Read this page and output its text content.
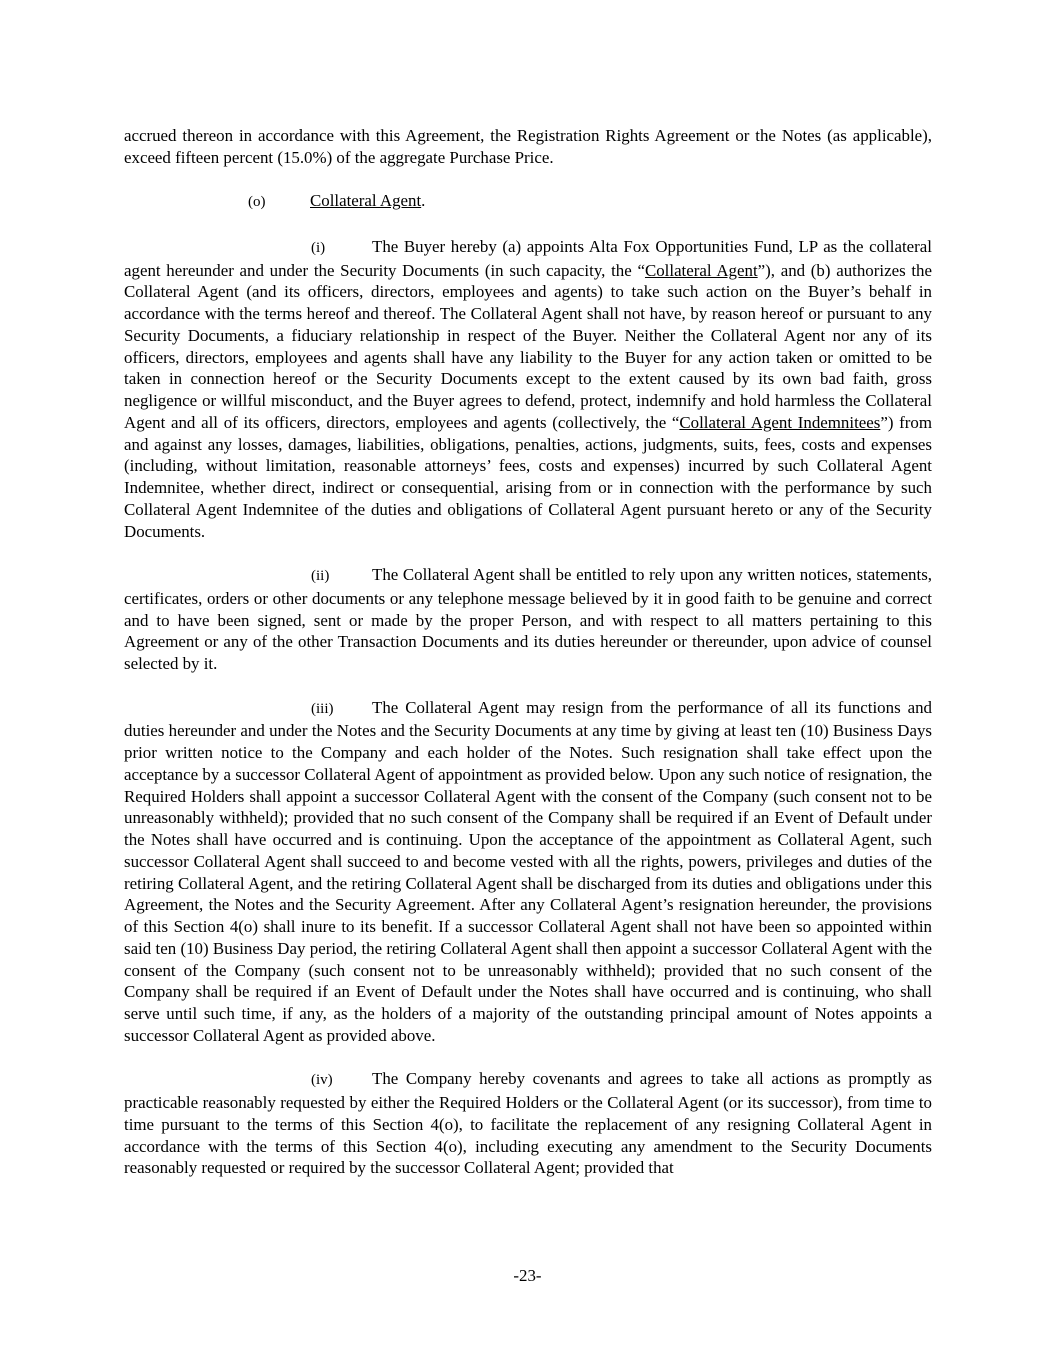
accrued thereon in accordance with this Agreement, the Registration Rights Agreement or the Notes (as applicable), exceed fifteen percent (15.0%) of the aggregate Purchase Price.

(o)	Collateral Agent.

(i)	The Buyer hereby (a) appoints Alta Fox Opportunities Fund, LP as the collateral agent hereunder and under the Security Documents (in such capacity, the “Collateral Agent”), and (b) authorizes the Collateral Agent (and its officers, directors, employees and agents) to take such action on the Buyer’s behalf in accordance with the terms hereof and thereof. The Collateral Agent shall not have, by reason hereof or pursuant to any Security Documents, a fiduciary relationship in respect of the Buyer. Neither the Collateral Agent nor any of its officers, directors, employees and agents shall have any liability to the Buyer for any action taken or omitted to be taken in connection hereof or the Security Documents except to the extent caused by its own bad faith, gross negligence or willful misconduct, and the Buyer agrees to defend, protect, indemnify and hold harmless the Collateral Agent and all of its officers, directors, employees and agents (collectively, the “Collateral Agent Indemnitees”) from and against any losses, damages, liabilities, obligations, penalties, actions, judgments, suits, fees, costs and expenses (including, without limitation, reasonable attorneys’ fees, costs and expenses) incurred by such Collateral Agent Indemnitee, whether direct, indirect or consequential, arising from or in connection with the performance by such Collateral Agent Indemnitee of the duties and obligations of Collateral Agent pursuant hereto or any of the Security Documents.

(ii)	The Collateral Agent shall be entitled to rely upon any written notices, statements, certificates, orders or other documents or any telephone message believed by it in good faith to be genuine and correct and to have been signed, sent or made by the proper Person, and with respect to all matters pertaining to this Agreement or any of the other Transaction Documents and its duties hereunder or thereunder, upon advice of counsel selected by it.

(iii) The Collateral Agent may resign from the performance of all its functions and duties hereunder and under the Notes and the Security Documents at any time by giving at least ten (10) Business Days prior written notice to the Company and each holder of the Notes. Such resignation shall take effect upon the acceptance by a successor Collateral Agent of appointment as provided below. Upon any such notice of resignation, the Required Holders shall appoint a successor Collateral Agent with the consent of the Company (such consent not to be unreasonably withheld); provided that no such consent of the Company shall be required if an Event of Default under the Notes shall have occurred and is continuing. Upon the acceptance of the appointment as Collateral Agent, such successor Collateral Agent shall succeed to and become vested with all the rights, powers, privileges and duties of the retiring Collateral Agent, and the retiring Collateral Agent shall be discharged from its duties and obligations under this Agreement, the Notes and the Security Agreement. After any Collateral Agent’s resignation hereunder, the provisions of this Section 4(o) shall inure to its benefit. If a successor Collateral Agent shall not have been so appointed within said ten (10) Business Day period, the retiring Collateral Agent shall then appoint a successor Collateral Agent with the consent of the Company (such consent not to be unreasonably withheld); provided that no such consent of the Company shall be required if an Event of Default under the Notes shall have occurred and is continuing, who shall serve until such time, if any, as the holders of a majority of the outstanding principal amount of Notes appoints a successor Collateral Agent as provided above.

(iv) The Company hereby covenants and agrees to take all actions as promptly as practicable reasonably requested by either the Required Holders or the Collateral Agent (or its successor), from time to time pursuant to the terms of this Section 4(o), to facilitate the replacement of any resigning Collateral Agent in accordance with the terms of this Section 4(o), including executing any amendment to the Security Documents reasonably requested or required by the successor Collateral Agent; provided that

-23-
